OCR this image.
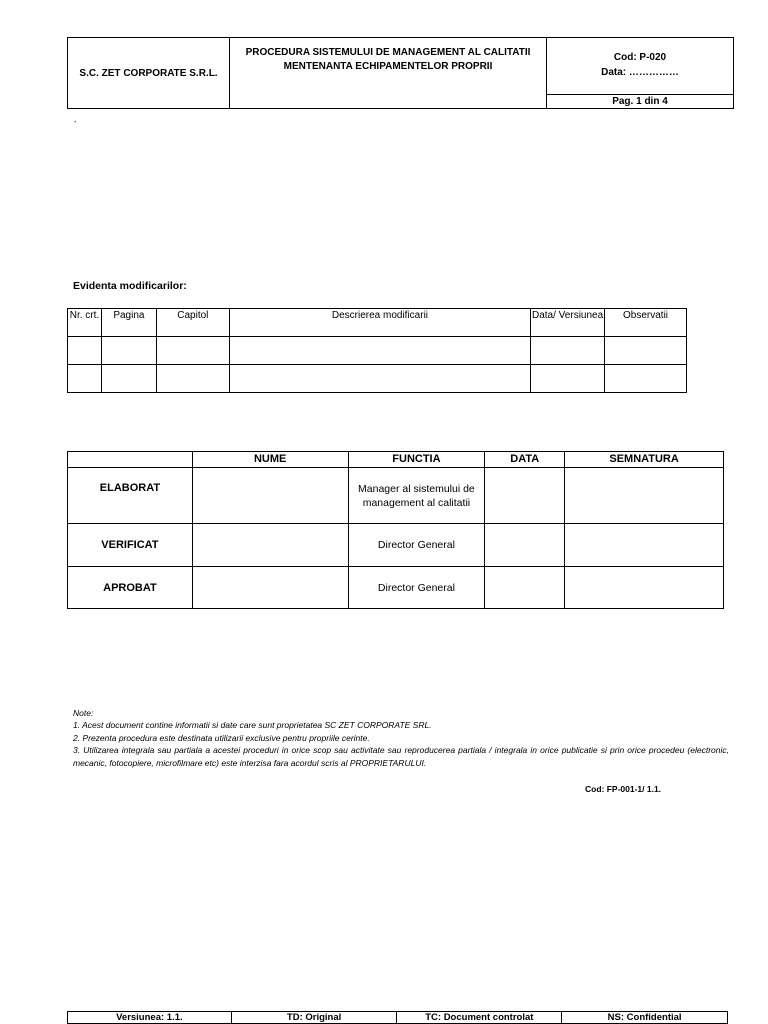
S.C. ZET CORPORATE S.R.L.	
PROCEDURA SISTEMULUI DE MANAGEMENT AL CALITATII
MENTENANTA ECHIPAMENTELOR PROPRII

Cod: P-020
Data: ……………

Pag. 1 din 4
`
Evidenta modificarilor:
Nr. crt.	Pagina	Capitol	Descrierea modificarii	Data/ Versiunea	Observatii

	NUME	FUNCTIA	DATA	SEMNATURA
ELABORAT		Manager al sistemului de management al calitatii		
VERIFICAT		Director General		
APROBAT		Director General		

Note:

1. Acest document contine informatii si date care sunt proprietatea SC ZET CORPORATE SRL.

2. Prezenta procedura este destinata utilizarii exclusive pentru propriile cerinte.

3. Utilizarea integrala sau partiala a acestei proceduri in orice scop sau activitate sau reproducerea partiala / integrala in orice publicatie si prin orice procedeu (electronic, mecanic, fotocopiere, microfilmare etc) este interzisa fara acordul scris al PROPRIETARULUI.

Cod: FP-001-1/ 1.1.
Versiunea: 1.1.	TD: Original	TC: Document controlat	NS: Confidential
